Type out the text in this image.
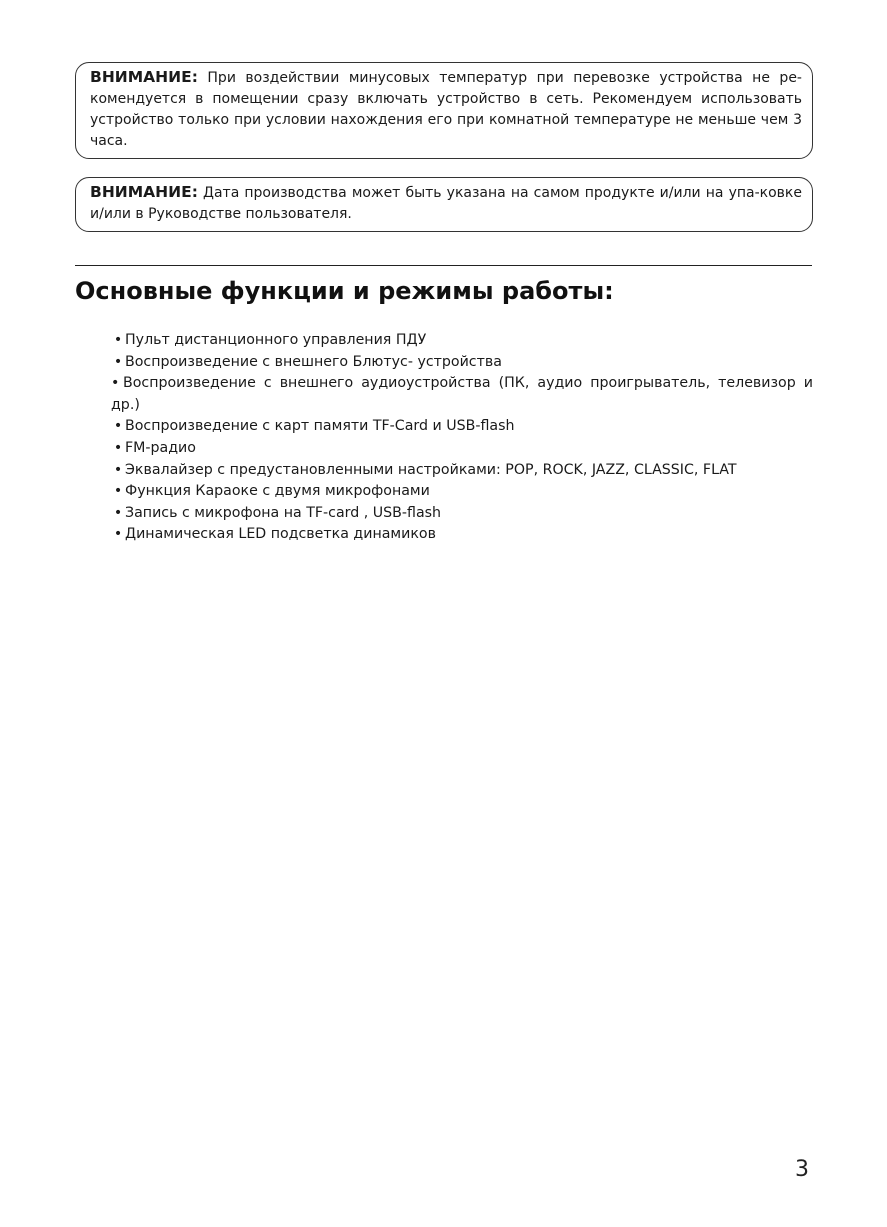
ВНИМАНИЕ: При воздействии минусовых температур при перевозке устройства не ре-комендуется в помещении сразу включать устройство в сеть. Рекомендуем использовать устройство только при условии нахождения его при комнатной температуре не меньше чем 3 часа.
ВНИМАНИЕ: Дата производства может быть указана на самом продукте и/или на упа-ковке и/или в Руководстве пользователя.
Основные функции и режимы работы:
• Пульт дистанционного управления ПДУ
• Воспроизведение с внешнего Блютус- устройства
• Воспроизведение с внешнего аудиоустройства (ПК, аудио проигрыватель, телевизор и др.)
• Воспроизведение с карт памяти TF-Card и USB-flash
• FM-радио
• Эквалайзер с предустановленными настройками: POP, ROCK, JAZZ, CLASSIC, FLAT
• Функция Караоке с двумя микрофонами
• Запись с микрофона на TF-card , USB-flash
• Динамическая LED подсветка динамиков
3
